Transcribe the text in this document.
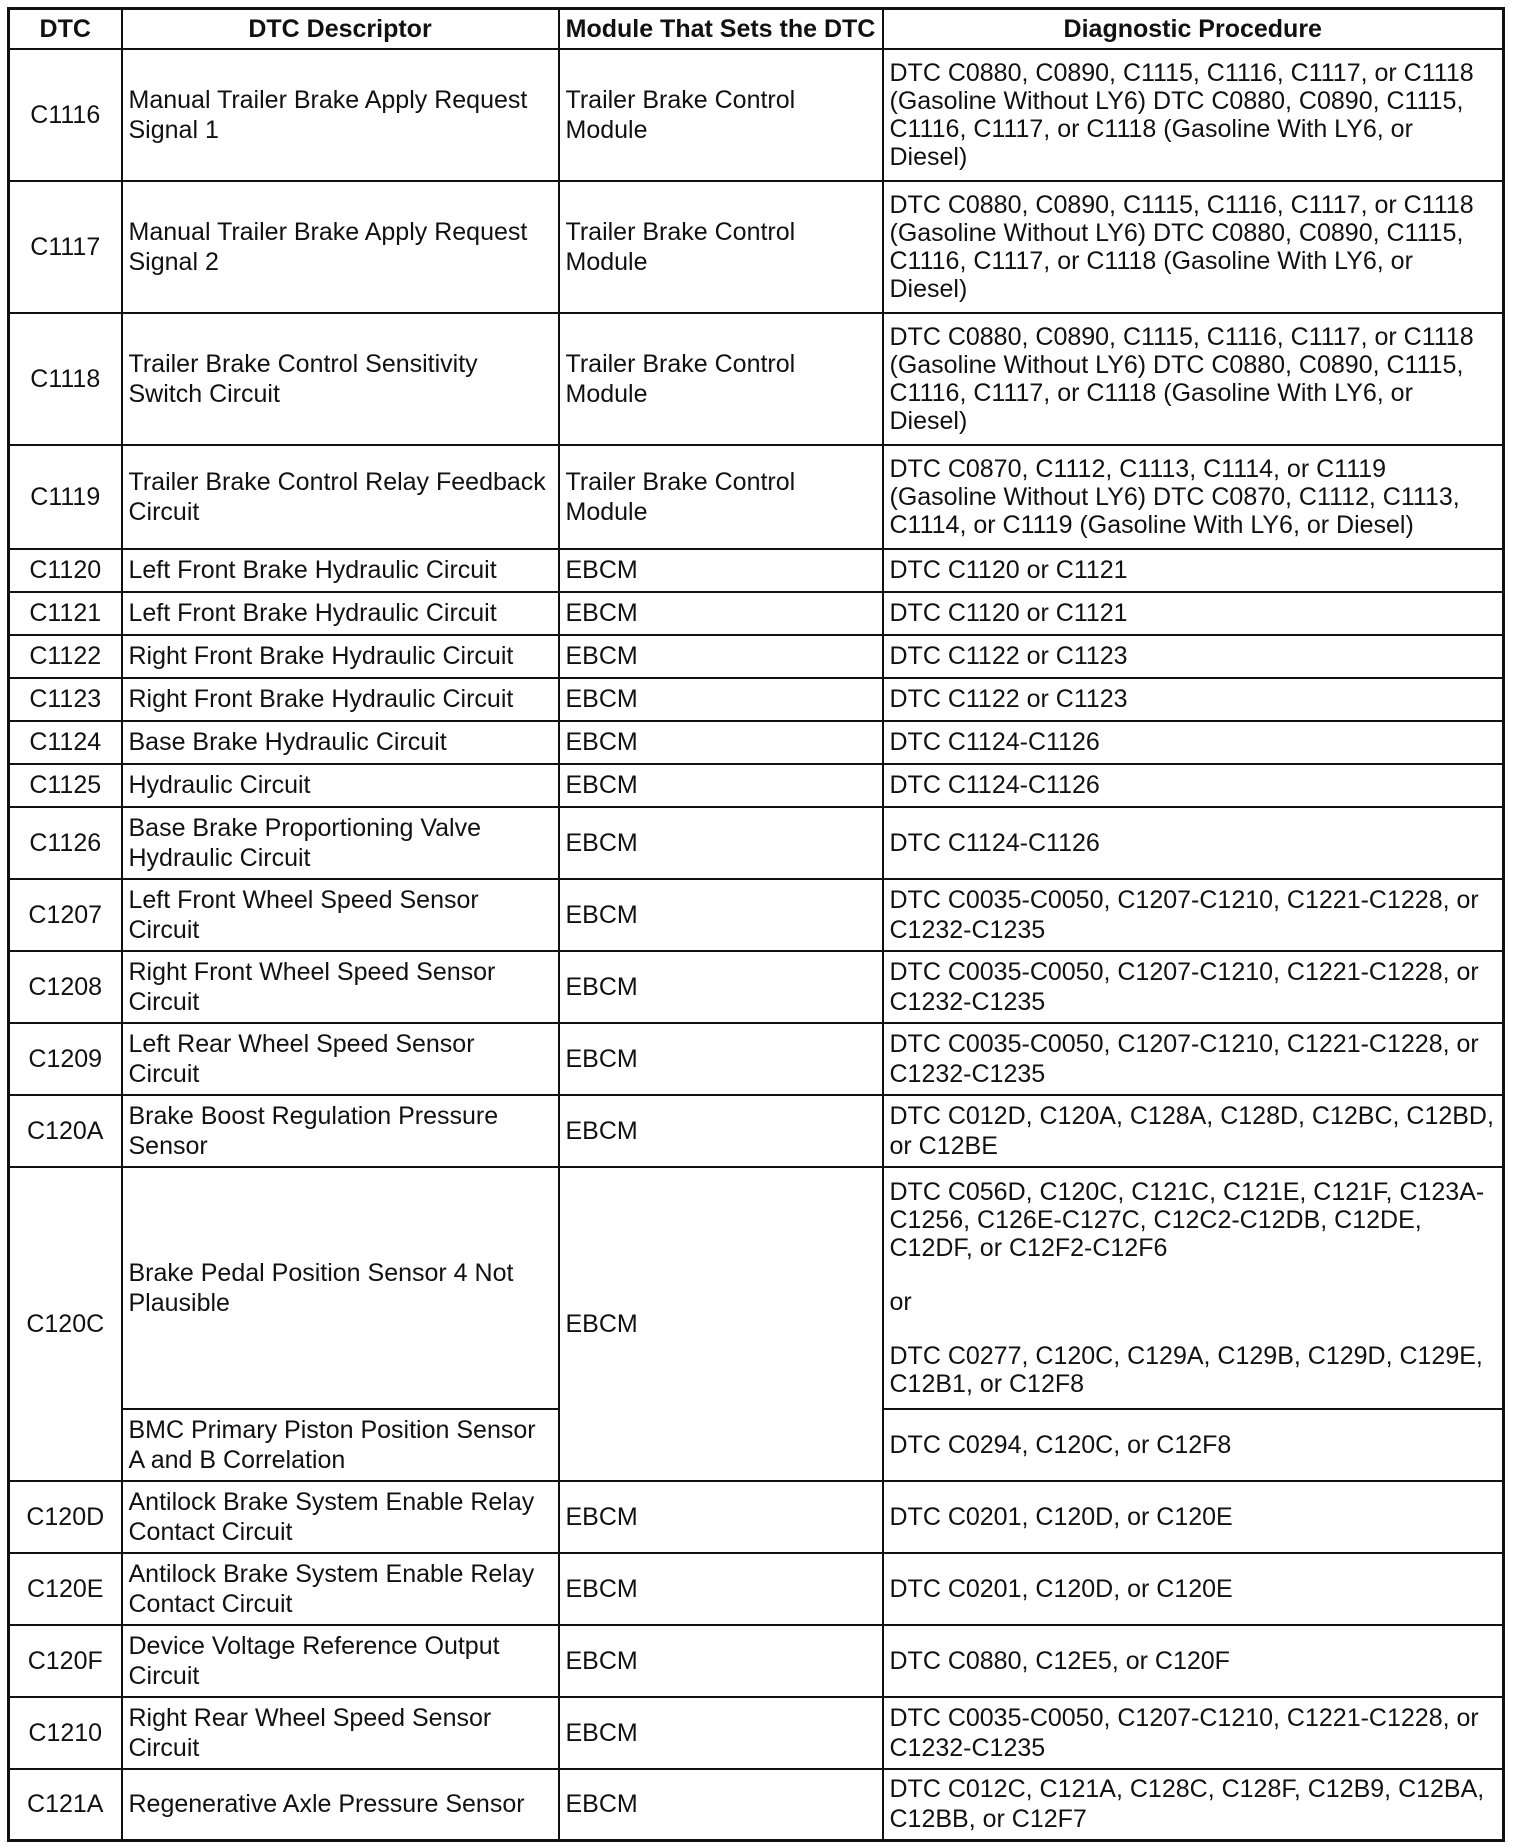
DTC	DTC Descriptor	Module That Sets the DTC	Diagnostic Procedure
C1116	Manual Trailer Brake Apply Request Signal 1	Trailer Brake Control Module	DTC C0880, C0890, C1115, C1116, C1117, or C1118 (Gasoline Without LY6) DTC C0880, C0890, C1115, C1116, C1117, or C1118 (Gasoline With LY6, or Diesel)
C1117	Manual Trailer Brake Apply Request Signal 2	Trailer Brake Control Module	DTC C0880, C0890, C1115, C1116, C1117, or C1118 (Gasoline Without LY6) DTC C0880, C0890, C1115, C1116, C1117, or C1118 (Gasoline With LY6, or Diesel)
C1118	Trailer Brake Control Sensitivity Switch Circuit	Trailer Brake Control Module	DTC C0880, C0890, C1115, C1116, C1117, or C1118 (Gasoline Without LY6) DTC C0880, C0890, C1115, C1116, C1117, or C1118 (Gasoline With LY6, or Diesel)
C1119	Trailer Brake Control Relay Feedback Circuit	Trailer Brake Control Module	DTC C0870, C1112, C1113, C1114, or C1119 (Gasoline Without LY6) DTC C0870, C1112, C1113, C1114, or C1119 (Gasoline With LY6, or Diesel)
C1120	Left Front Brake Hydraulic Circuit	EBCM	DTC C1120 or C1121
C1121	Left Front Brake Hydraulic Circuit	EBCM	DTC C1120 or C1121
C1122	Right Front Brake Hydraulic Circuit	EBCM	DTC C1122 or C1123
C1123	Right Front Brake Hydraulic Circuit	EBCM	DTC C1122 or C1123
C1124	Base Brake Hydraulic Circuit	EBCM	DTC C1124-C1126
C1125	Hydraulic Circuit	EBCM	DTC C1124-C1126
C1126	Base Brake Proportioning Valve Hydraulic Circuit	EBCM	DTC C1124-C1126
C1207	Left Front Wheel Speed Sensor Circuit	EBCM	DTC C0035-C0050, C1207-C1210, C1221-C1228, or C1232-C1235
C1208	Right Front Wheel Speed Sensor Circuit	EBCM	DTC C0035-C0050, C1207-C1210, C1221-C1228, or C1232-C1235
C1209	Left Rear Wheel Speed Sensor Circuit	EBCM	DTC C0035-C0050, C1207-C1210, C1221-C1228, or C1232-C1235
C120A	Brake Boost Regulation Pressure Sensor	EBCM	DTC C012D, C120A, C128A, C128D, C12BC, C12BD, or C12BE
C120C	Brake Pedal Position Sensor 4 Not Plausible	EBCM	DTC C056D, C120C, C121C, C121E, C121F, C123A-C1256, C126E-C127C, C12C2-C12DB, C12DE, C12DF, or C12F2-C12F6
or
DTC C0277, C120C, C129A, C129B, C129D, C129E, C12B1, or C12F8
	BMC Primary Piston Position Sensor A and B Correlation		DTC C0294, C120C, or C12F8
C120D	Antilock Brake System Enable Relay Contact Circuit	EBCM	DTC C0201, C120D, or C120E
C120E	Antilock Brake System Enable Relay Contact Circuit	EBCM	DTC C0201, C120D, or C120E
C120F	Device Voltage Reference Output Circuit	EBCM	DTC C0880, C12E5, or C120F
C1210	Right Rear Wheel Speed Sensor Circuit	EBCM	DTC C0035-C0050, C1207-C1210, C1221-C1228, or C1232-C1235
C121A	Regenerative Axle Pressure Sensor	EBCM	DTC C012C, C121A, C128C, C128F, C12B9, C12BA, C12BB, or C12F7
